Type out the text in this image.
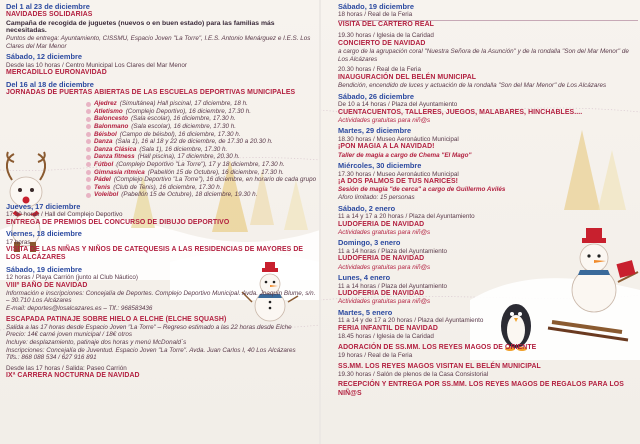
Del 1 al 23 de diciembre
NAVIDADES SOLIDARIAS
Campaña de recogida de juguetes (nuevos o en buen estado) para las familias más necesitadas.
Puntos de entrega: Ayuntamiento, CISSMU, Espacio Joven "La Torre", I.E.S. Antonio Menárguez e I.E.S. Los Clares del Mar Menor
Sábado, 12 diciembre
Desde las 10 horas / Centro Municipal Los Clares del Mar Menor
MERCADILLO EURONAVIDAD
Del 16 al 18 de diciembre
JORNADAS DE PUERTAS ABIERTAS DE LAS ESCUELAS DEPORTIVAS MUNICIPALES
Ajedrez (Simultánea) Hall piscinal, 17 diciembre, 18 h.
Atletismo (Complejo Deportivo), 16 diciembre, 17.30 h.
Baloncesto (Sala escolar), 16 diciembre, 17.30 h.
Balonmano (Sala escolar), 16 diciembre, 17.30 h.
Béisbol (Campo de béisbol), 16 diciembre, 17.30 h.
Danza (Sala 1), 16 al 18 y 22 de diciembre, de 17.30 a 20.30 h.
Danza Clásica (Sala 1), 16 diciembre, 17.30 h.
Danza fitness (Hall piscina), 17 diciembre, 20.30 h.
Fútbol (Complejo Deportivo "La Torre"), 17 y 18 diciembre, 17.30 h.
Gimnasia rítmica (Pabellón 15 de Octubre), 16 diciembre, 17.30 h.
Pádel (Complejo Deportivo "La Torre"), 16 diciembre, en horario de cada grupo
Tenis (Club de Tenis), 16 diciembre, 17.30 h.
Voleibol (Pabellón 15 de Octubre), 18 diciembre, 19.30 h.
Jueves, 17 diciembre
17.30 horas / Hall del Complejo Deportivo
ENTREGA DE PREMIOS DEL CONCURSO DE DIBUJO DEPORTIVO
Viernes, 18 diciembre
17 horas
VISITA DE LAS NIÑAS Y NIÑOS DE CATEQUESIS A LAS RESIDENCIAS DE MAYORES DE LOS ALCÁZARES
Sábado, 19 diciembre
12 horas / Playa Carrión (junto al Club Náutico)
VIIIº BAÑO DE NAVIDAD
Información e inscripciones: Concejalía de Deportes. Complejo Deportivo Municipal. Avda. Joaquín Blume, s/n. – 30.710 Los Alcázares
E-mail: deportes@losalcazares.es – Tlf.: 968583436
ESCAPADA PATINAJE SOBRE HIELO A ELCHE (ELCHE SQUASH)
Salida a las 17 horas desde Espacio Joven "La Torre" – Regreso estimado a las 22 horas desde Elche
Precio: 14€ carné joven municipal / 18€ otros
Incluye: desplazamiento, patinaje dos horas y menú McDonald´s
Inscripciones: Concejalía de Juventud. Espacio Joven "La Torre". Avda. Juan Carlos I, 40 Los Alcázares
Tlfs.: 868 088 534 / 627 916 891
Desde las 17 horas / Salida: Paseo Carrión
IXª CARRERA NOCTURNA DE NAVIDAD
Sábado, 19 diciembre
18 horas / Real de la Feria
VISITA DEL CARTERO REAL
19.30 horas / Iglesia de la Caridad
CONCIERTO DE NAVIDAD
a cargo de la agrupación coral "Nuestra Señora de la Asunción" y de la rondalla "Son del Mar Menor" de Los Alcázares
20.30 horas / Real de la Feria
INAUGURACIÓN DEL BELÉN MUNICIPAL
Bendición, encendido de luces y actuación de la rondalla "Son del Mar Menor" de Los Alcázares
Sábado, 26 diciembre
De 10 a 14 horas / Plaza del Ayuntamiento
CUENTACUENTOS, TALLERES, JUEGOS, MALABARES, HINCHABLES....
Actividades gratuitas para niñ@s
Martes, 29 diciembre
18.30 horas / Museo Aeronáutico Municipal
¡PON MAGIA A LA NAVIDAD!
Taller de magia a cargo de Chema "El Mago"
Miércoles, 30 diciembre
17.30 horas / Museo Aeronáutico Municipal
¡A DOS PALMOS DE TUS NARICES!
Sesión de magia "de cerca" a cargo de Guillermo Avilés
Aforo limitado: 15 personas
Sábado, 2 enero
11 a 14 y 17 a 20 horas / Plaza del Ayuntamiento
LUDOFERIA DE NAVIDAD
Actividades gratuitas para niñ@s
Domingo, 3 enero
11 a 14 horas / Plaza del Ayuntamiento
LUDOFERIA DE NAVIDAD
Actividades gratuitas para niñ@s
Lunes, 4 enero
11 a 14 horas / Plaza del Ayuntamiento
LUDOFERIA DE NAVIDAD
Actividades gratuitas para niñ@s
Martes, 5 enero
11 a 14 y de 17 a 20 horas / Plaza del Ayuntamiento
FERIA INFANTIL DE NAVIDAD
18.45 horas / Iglesia de la Caridad
ADORACIÓN DE SS.MM. LOS REYES MAGOS DE ORIENTE
19 horas / Real de la Feria
SS.MM. LOS REYES MAGOS VISITAN EL BELÉN MUNICIPAL
19.30 horas / Salón de plenos de la Casa Consistorial
RECEPCIÓN Y ENTREGA POR SS.MM. LOS REYES MAGOS DE REGALOS PARA LOS NIÑ@S
